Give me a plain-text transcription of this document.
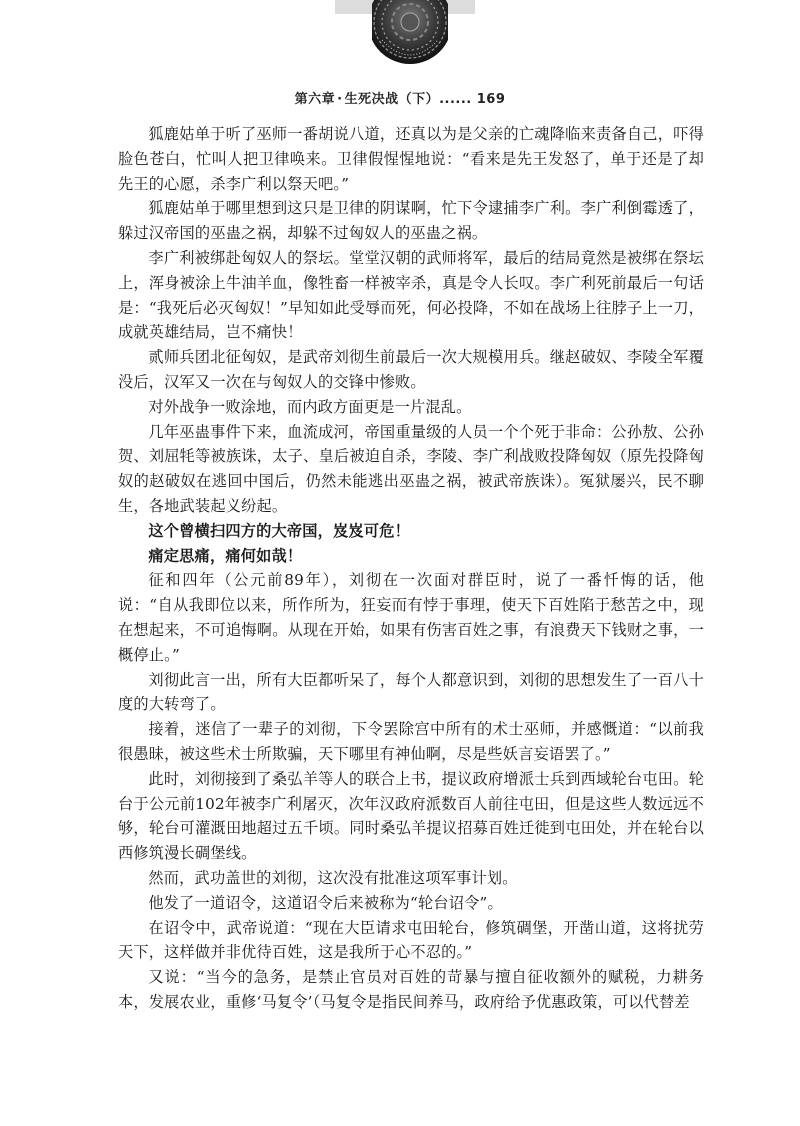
第六章 · 生死决战（下）...... 169

狐鹿姑单于听了巫师一番胡说八道，还真以为是父亲的亡魂降临来责备自己，吓得脸色苍白，忙叫人把卫律唤来。卫律假惺惺地说：“看来是先王发怒了，单于还是了却先王的心愿，杀李广利以祭天吧。”

狐鹿姑单于哪里想到这只是卫律的阴谋啊，忙下令逮捕李广利。李广利倒霉透了，躲过汉帝国的巫蛊之祸，却躲不过匈奴人的巫蛊之祸。

李广利被绑赴匈奴人的祭坛。堂堂汉朝的武师将军，最后的结局竟然是被绑在祭坛上，浑身被涂上牛油羊血，像牲畜一样被宰杀，真是令人长叹。李广利死前最后一句话是：“我死后必灭匈奴！”早知如此受辱而死，何必投降，不如在战场上往脖子上一刀，成就英雄结局，岂不痛快！

贰师兵团北征匈奴，是武帝刘彻生前最后一次大规模用兵。继赵破奴、李陵全军覆没后，汉军又一次在与匈奴人的交锋中惨败。

对外战争一败涂地，而内政方面更是一片混乱。

几年巫蛊事件下来，血流成河，帝国重量级的人员一个个死于非命：公孙敖、公孙贺、刘屈牦等被族诛，太子、皇后被迫自杀，李陵、李广利战败投降匈奴（原先投降匈奴的赵破奴在逃回中国后，仍然未能逃出巫蛊之祸，被武帝族诛）。冤狱屡兴，民不聊生，各地武装起义纷起。

这个曾横扫四方的大帝国，岌岌可危！

痛定思痛，痛何如哉！

征和四年（公元前89年），刘彻在一次面对群臣时，说了一番忏悔的话，他说：“自从我即位以来，所作所为，狂妄而有悖于事理，使天下百姓陷于愁苦之中，现在想起来，不可追悔啊。从现在开始，如果有伤害百姓之事，有浪费天下钱财之事，一概停止。”

刘彻此言一出，所有大臣都听呆了，每个人都意识到，刘彻的思想发生了一百八十度的大转弯了。

接着，迷信了一辈子的刘彻，下令罢除宫中所有的术士巫师，并感慨道：“以前我很愚昧，被这些术士所欺骗，天下哪里有神仙啊，尽是些妖言妄语罢了。”

此时，刘彻接到了桑弘羊等人的联合上书，提议政府增派士兵到西域轮台屯田。轮台于公元前102年被李广利屠灭，次年汉政府派数百人前往屯田，但是这些人数远远不够，轮台可灌溉田地超过五千顷。同时桑弘羊提议招募百姓迁徙到屯田处，并在轮台以西修筑漫长碉堡线。

然而，武功盖世的刘彻，这次没有批准这项军事计划。

他发了一道诏令，这道诏令后来被称为“轮台诏令”。

在诏令中，武帝说道：“现在大臣请求屯田轮台，修筑碉堡，开凿山道，这将扰劳天下，这样做并非优待百姓，这是我所于心不忍的。”

又说：“当今的急务，是禁止官员对百姓的苛暴与擅自征收额外的赋税，力耕务本，发展农业，重修‘马复令’（马复令是指民间养马，政府给予优惠政策，可以代替差
